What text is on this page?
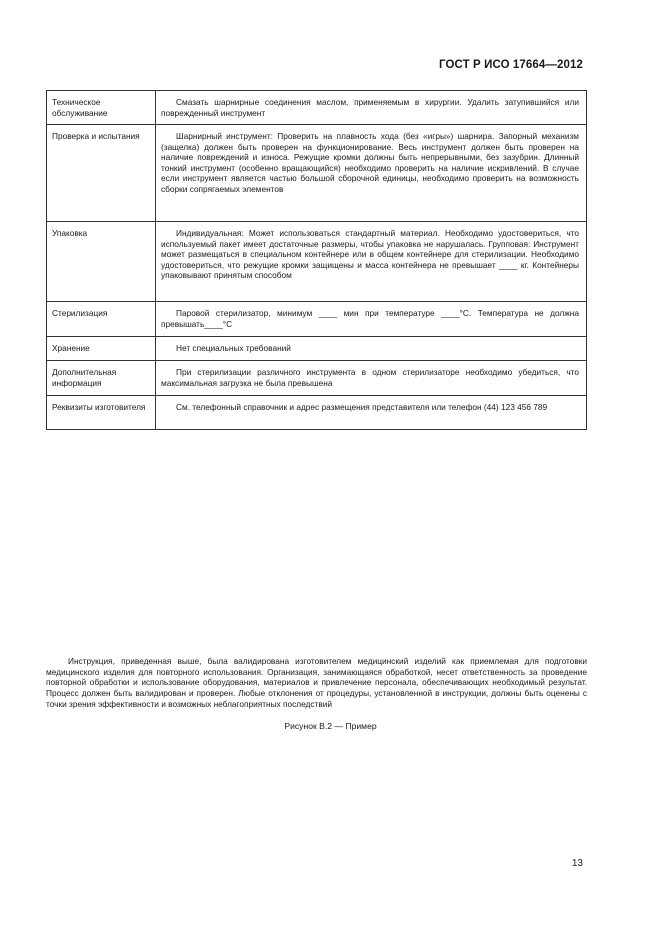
ГОСТ Р ИСО 17664—2012
Техническое обслуживание	Смазать шарнирные соединения маслом, применяемым в хирургии. Удалить затупившийся или поврежденный инструмент
Проверка и испытания	Шарнирный инструмент: Проверить на плавность хода (без «игры») шарнира. Запорный механизм (защелка) должен быть проверен на функционирование. Весь инструмент должен быть проверен на наличие повреждений и износа. Режущие кромки должны быть непрерывными, без зазубрин. Длинный тонкий инструмент (особенно вращающийся) необходимо проверить на наличие искривлений. В случае если инструмент является частью большой сборочной единицы, необходимо проверить на возможность сборки сопрягаемых элементов
Упаковка	Индивидуальная: Может использоваться стандартный материал. Необходимо удостовериться, что используемый пакет имеет достаточные размеры, чтобы упаковка не нарушалась. Групповая: Инструмент может размещаться в специальном контейнере или в общем контейнере для стерилизации. Необходимо удостовериться, что режущие кромки защищены и масса контейнера не превышает ____ кг. Контейнеры упаковывают принятым способом
Стерилизация	Паровой стерилизатор, минимум ____ мин при температуре ____°С. Температура не должна превышать____°С
Хранение	Нет специальных требований
Дополнительная информация	При стерилизации различного инструмента в одном стерилизаторе необходимо убедиться, что максимальная загрузка не была превышена
Реквизиты изготовителя	См. телефонный справочник и адрес размещения представителя или телефон (44) 123 456 789

Инструкция, приведенная выше, была валидирована изготовителем медицинский изделий как приемлемая для подготовки медицинского изделия для повторного использования. Организация, занимающаяся обработкой, несет ответственность за проведение повторной обработки и использование оборудования, материалов и привлечение персонала, обеспечивающих необходимый результат. Процесс должен быть валидирован и проверен. Любые отклонения от процедуры, установленной в инструкции, должны быть оценены с точки зрения эффективности и возможных неблагоприятных последствий

Рисунок В.2 — Пример
13
